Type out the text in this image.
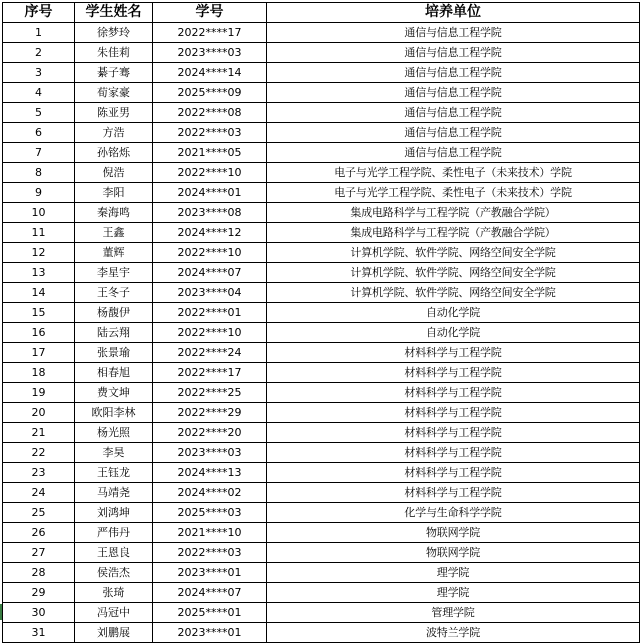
序号	学生姓名	学号	培养单位
1	徐梦玲	2022****17	通信与信息工程学院
2	朱佳莉	2023****03	通信与信息工程学院
3	綦子骞	2024****14	通信与信息工程学院
4	荀家豪	2025****09	通信与信息工程学院
5	陈亚男	2022****08	通信与信息工程学院
6	方浩	2022****03	通信与信息工程学院
7	孙铭烁	2021****05	通信与信息工程学院
8	倪浩	2022****10	电子与光学工程学院、柔性电子（未来技术）学院
9	李阳	2024****01	电子与光学工程学院、柔性电子（未来技术）学院
10	秦海鸣	2023****08	集成电路科学与工程学院（产教融合学院）
11	王鑫	2024****12	集成电路科学与工程学院（产教融合学院）
12	董辉	2022****10	计算机学院、软件学院、网络空间安全学院
13	李星宇	2024****07	计算机学院、软件学院、网络空间安全学院
14	王冬子	2023****04	计算机学院、软件学院、网络空间安全学院
15	杨馥伊	2022****01	自动化学院
16	陆云翔	2022****10	自动化学院
17	张景瑜	2022****24	材料科学与工程学院
18	相春旭	2022****17	材料科学与工程学院
19	费文坤	2022****25	材料科学与工程学院
20	欧阳李林	2022****29	材料科学与工程学院
21	杨光照	2022****20	材料科学与工程学院
22	李昊	2023****03	材料科学与工程学院
23	王钰龙	2024****13	材料科学与工程学院
24	马靖尧	2024****02	材料科学与工程学院
25	刘鸿坤	2025****03	化学与生命科学学院
26	严伟丹	2021****10	物联网学院
27	王恩良	2022****03	物联网学院
28	侯浩杰	2023****01	理学院
29	张琦	2024****07	理学院
30	冯冠中	2025****01	管理学院
31	刘鹏展	2023****01	波特兰学院
